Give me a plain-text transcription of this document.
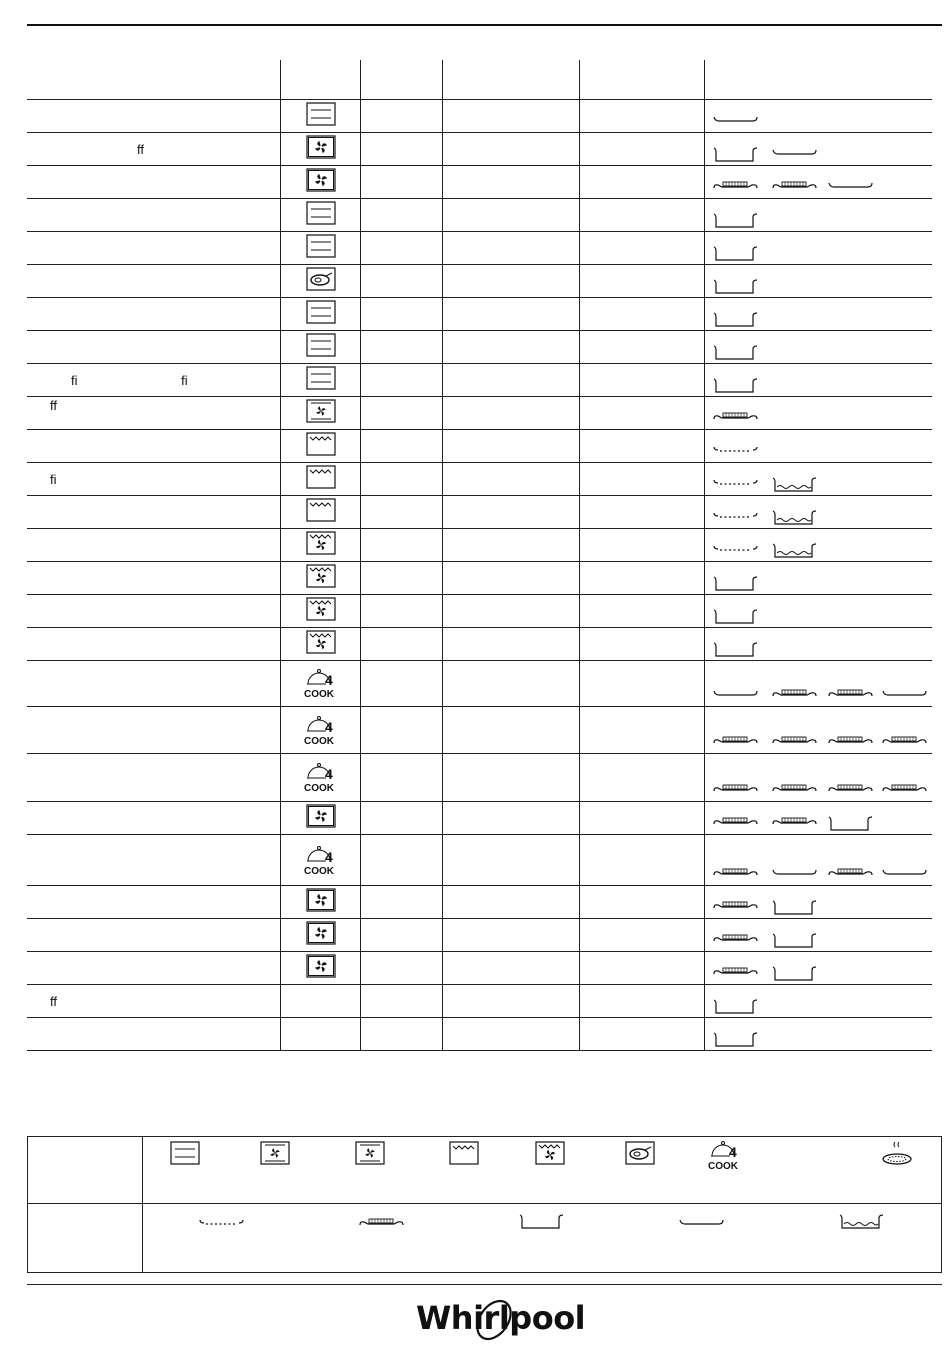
ff
fi fi
ff
fi
4
COOK
4
COOK
4
COOK
4
COOK
ff
4
COOK
Whirlpool
